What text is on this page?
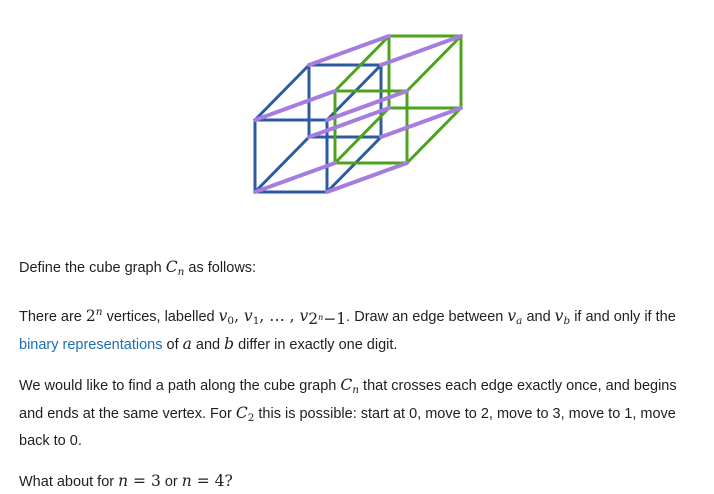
Define the cube graph $C_n$ as follows:

There are 2$^n$ vertices, labelled $v_0$, $v_1$, … , $v_{2^n-1}$. Draw an edge between $v_a$ and $v_b$ if and only if the
binary representations of a and b differ in exactly one digit.

We would like to find a path along the cube graph $C_n$ that crosses each edge exactly once, and begins and ends at the same vertex. For $C_2$ this is possible: start at 0, move to 2, move to 3, move to 1, move back to 0.

What about for n = 3 or n = 4?
